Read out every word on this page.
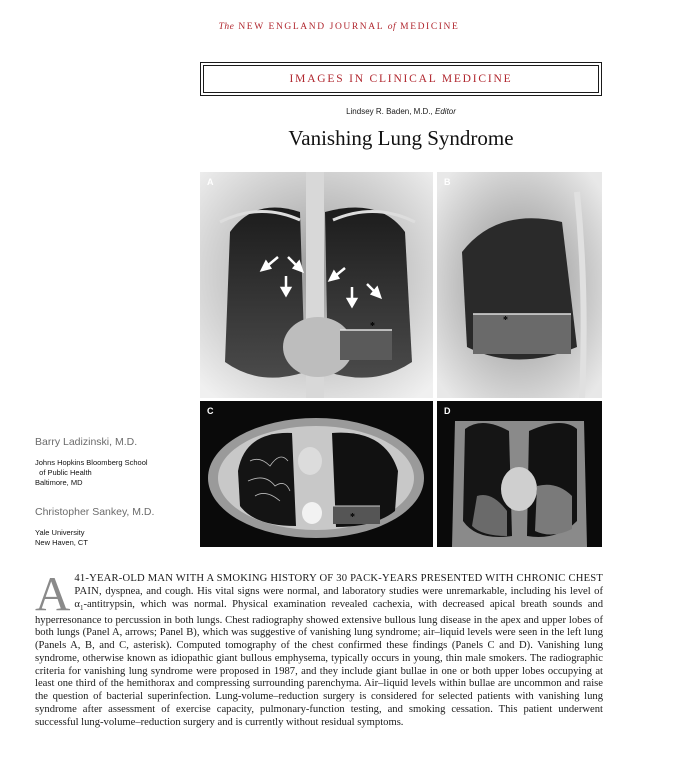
The NEW ENGLAND JOURNAL of MEDICINE
IMAGES IN CLINICAL MEDICINE
Lindsey R. Baden, M.D., Editor
Vanishing Lung Syndrome
A
*
B
*
C
*
D
Barry Ladizinski, M.D.
Johns Hopkins Bloomberg School
of Public Health
Baltimore, MD
Christopher Sankey, M.D.
Yale University
New Haven, CT
A 41-YEAR-OLD MAN WITH A SMOKING HISTORY OF 30 PACK-YEARS PRESENTED WITH CHRONIC CHEST PAIN, dyspnea, and cough. His vital signs were normal, and laboratory studies were unremarkable, including his level of $\alpha_1$-antitrypsin, which was normal. Physical examination revealed cachexia, with decreased apical breath sounds and hyperresonance to percussion in both lungs. Chest radiography showed extensive bullous lung disease in the apex and upper lobes of both lungs (Panel A, arrows; Panel B), which was suggestive of vanishing lung syndrome; air–liquid levels were seen in the left lung (Panels A, B, and C, asterisk). Computed tomography of the chest confirmed these findings (Panels C and D). Vanishing lung syndrome, otherwise known as idiopathic giant bullous emphysema, typically occurs in young, thin male smokers. The radiographic criteria for vanishing lung syndrome were proposed in 1987, and they include giant bullae in one or both upper lobes occupying at least one third of the hemithorax and compressing surrounding parenchyma. Air–liquid levels within bullae are uncommon and raise the question of bacterial superinfection. Lung-volume–reduction surgery is considered for selected patients with vanishing lung syndrome after assessment of exercise capacity, pulmonary-function testing, and smoking cessation. This patient underwent successful lung-volume–reduction surgery and is currently without residual symptoms.
